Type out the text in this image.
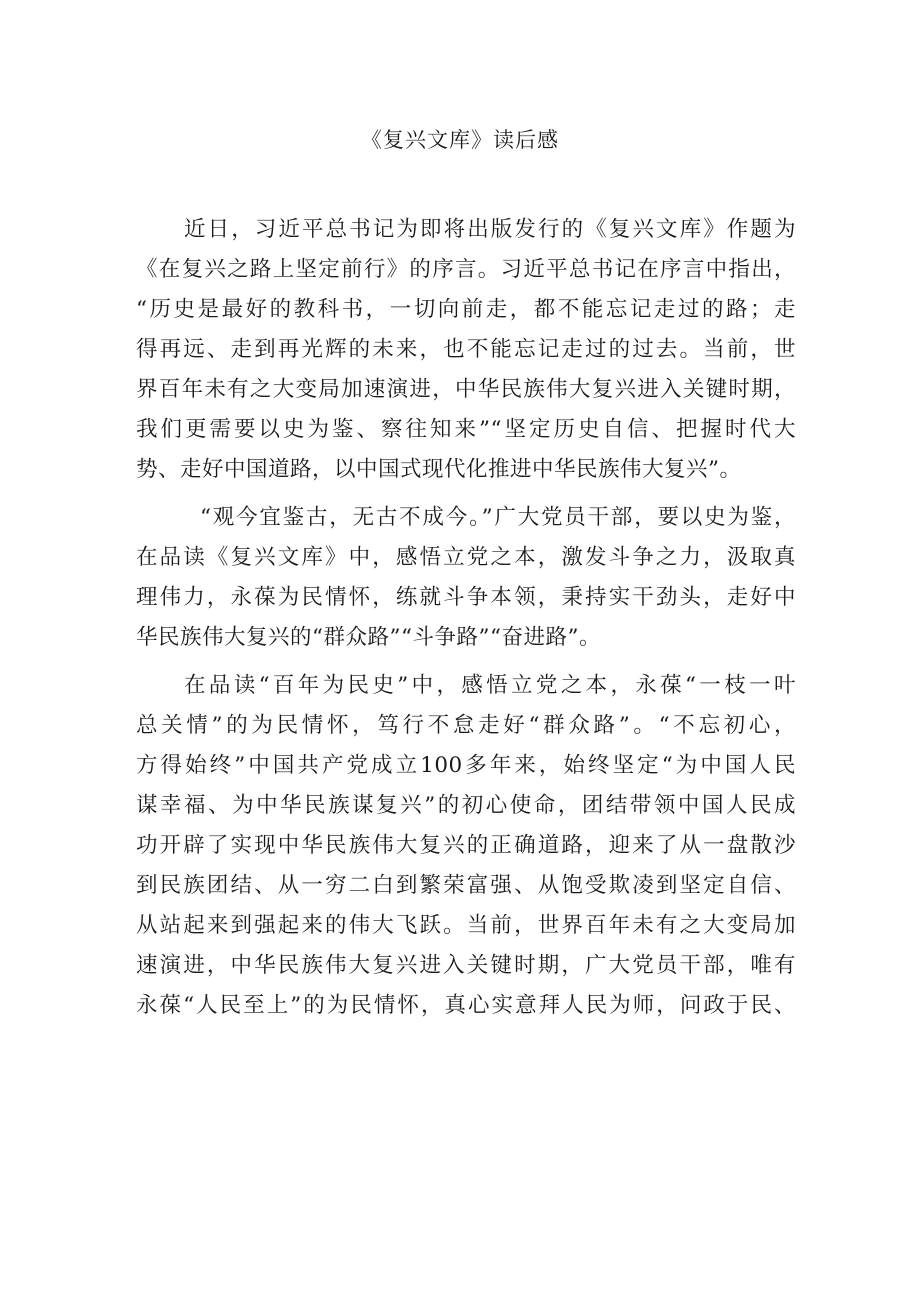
《复兴文库》读后感
近日，习近平总书记为即将出版发行的《复兴文库》作题为
《在复兴之路上坚定前行》的序言。习近平总书记在序言中指出，
“历史是最好的教科书，一切向前走，都不能忘记走过的路；走
得再远、走到再光辉的未来，也不能忘记走过的过去。当前，世
界百年未有之大变局加速演进，中华民族伟大复兴进入关键时期，
我们更需要以史为鉴、察往知来”“坚定历史自信、把握时代大
势、走好中国道路，以中国式现代化推进中华民族伟大复兴”。
“观今宜鉴古，无古不成今。”广大党员干部，要以史为鉴，
在品读《复兴文库》中，感悟立党之本，激发斗争之力，汲取真
理伟力，永葆为民情怀，练就斗争本领，秉持实干劲头，走好中
华民族伟大复兴的“群众路”“斗争路”“奋进路”。
在品读“百年为民史”中，感悟立党之本，永葆“一枝一叶
总关情”的为民情怀，笃行不怠走好“群众路”。“不忘初心，
方得始终”中国共产党成立100多年来，始终坚定“为中国人民
谋幸福、为中华民族谋复兴”的初心使命，团结带领中国人民成
功开辟了实现中华民族伟大复兴的正确道路，迎来了从一盘散沙
到民族团结、从一穷二白到繁荣富强、从饱受欺凌到坚定自信、
从站起来到强起来的伟大飞跃。当前，世界百年未有之大变局加
速演进，中华民族伟大复兴进入关键时期，广大党员干部，唯有
永葆“人民至上”的为民情怀，真心实意拜人民为师，问政于民、
